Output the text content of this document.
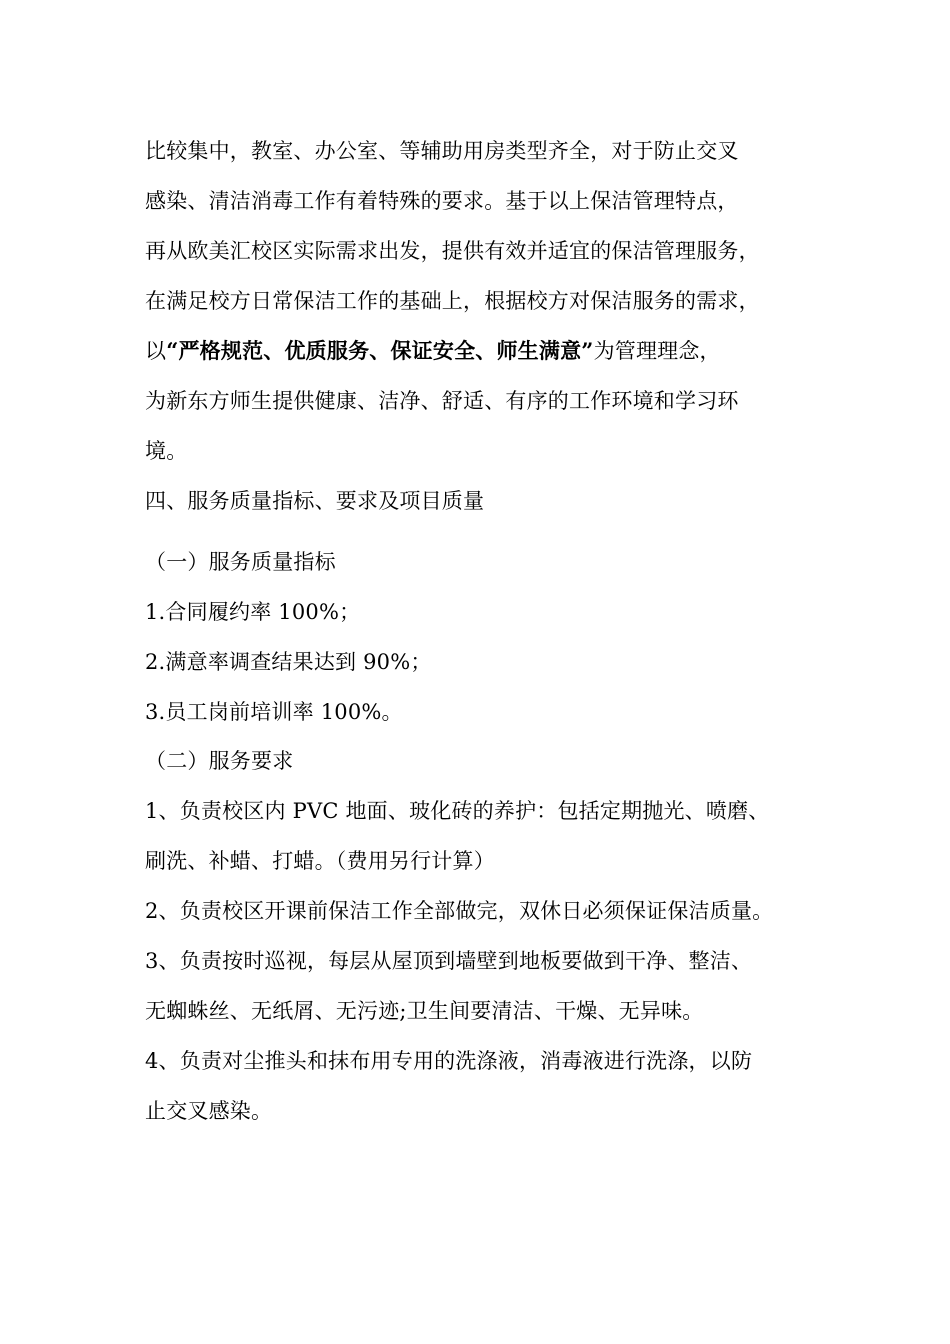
比较集中，教室、办公室、等辅助用房类型齐全，对于防止交叉
感染、清洁消毒工作有着特殊的要求。基于以上保洁管理特点，
再从欧美汇校区实际需求出发，提供有效并适宜的保洁管理服务，
在满足校方日常保洁工作的基础上，根据校方对保洁服务的需求，
以“严格规范、优质服务、保证安全、师生满意”为管理理念，
为新东方师生提供健康、洁净、舒适、有序的工作环境和学习环
境。
四、服务质量指标、要求及项目质量
（一）服务质量指标
1.合同履约率 100%；
2.满意率调查结果达到 90%；
3.员工岗前培训率 100%。
（二）服务要求
1、负责校区内 PVC 地面、玻化砖的养护：包括定期抛光、喷磨、
刷洗、补蜡、打蜡。（费用另行计算）
2、负责校区开课前保洁工作全部做完，双休日必须保证保洁质量。
3、负责按时巡视，每层从屋顶到墙壁到地板要做到干净、整洁、
无蜘蛛丝、无纸屑、无污迹;卫生间要清洁、干燥、无异味。
4、负责对尘推头和抹布用专用的洗涤液，消毒液进行洗涤，以防
止交叉感染。
